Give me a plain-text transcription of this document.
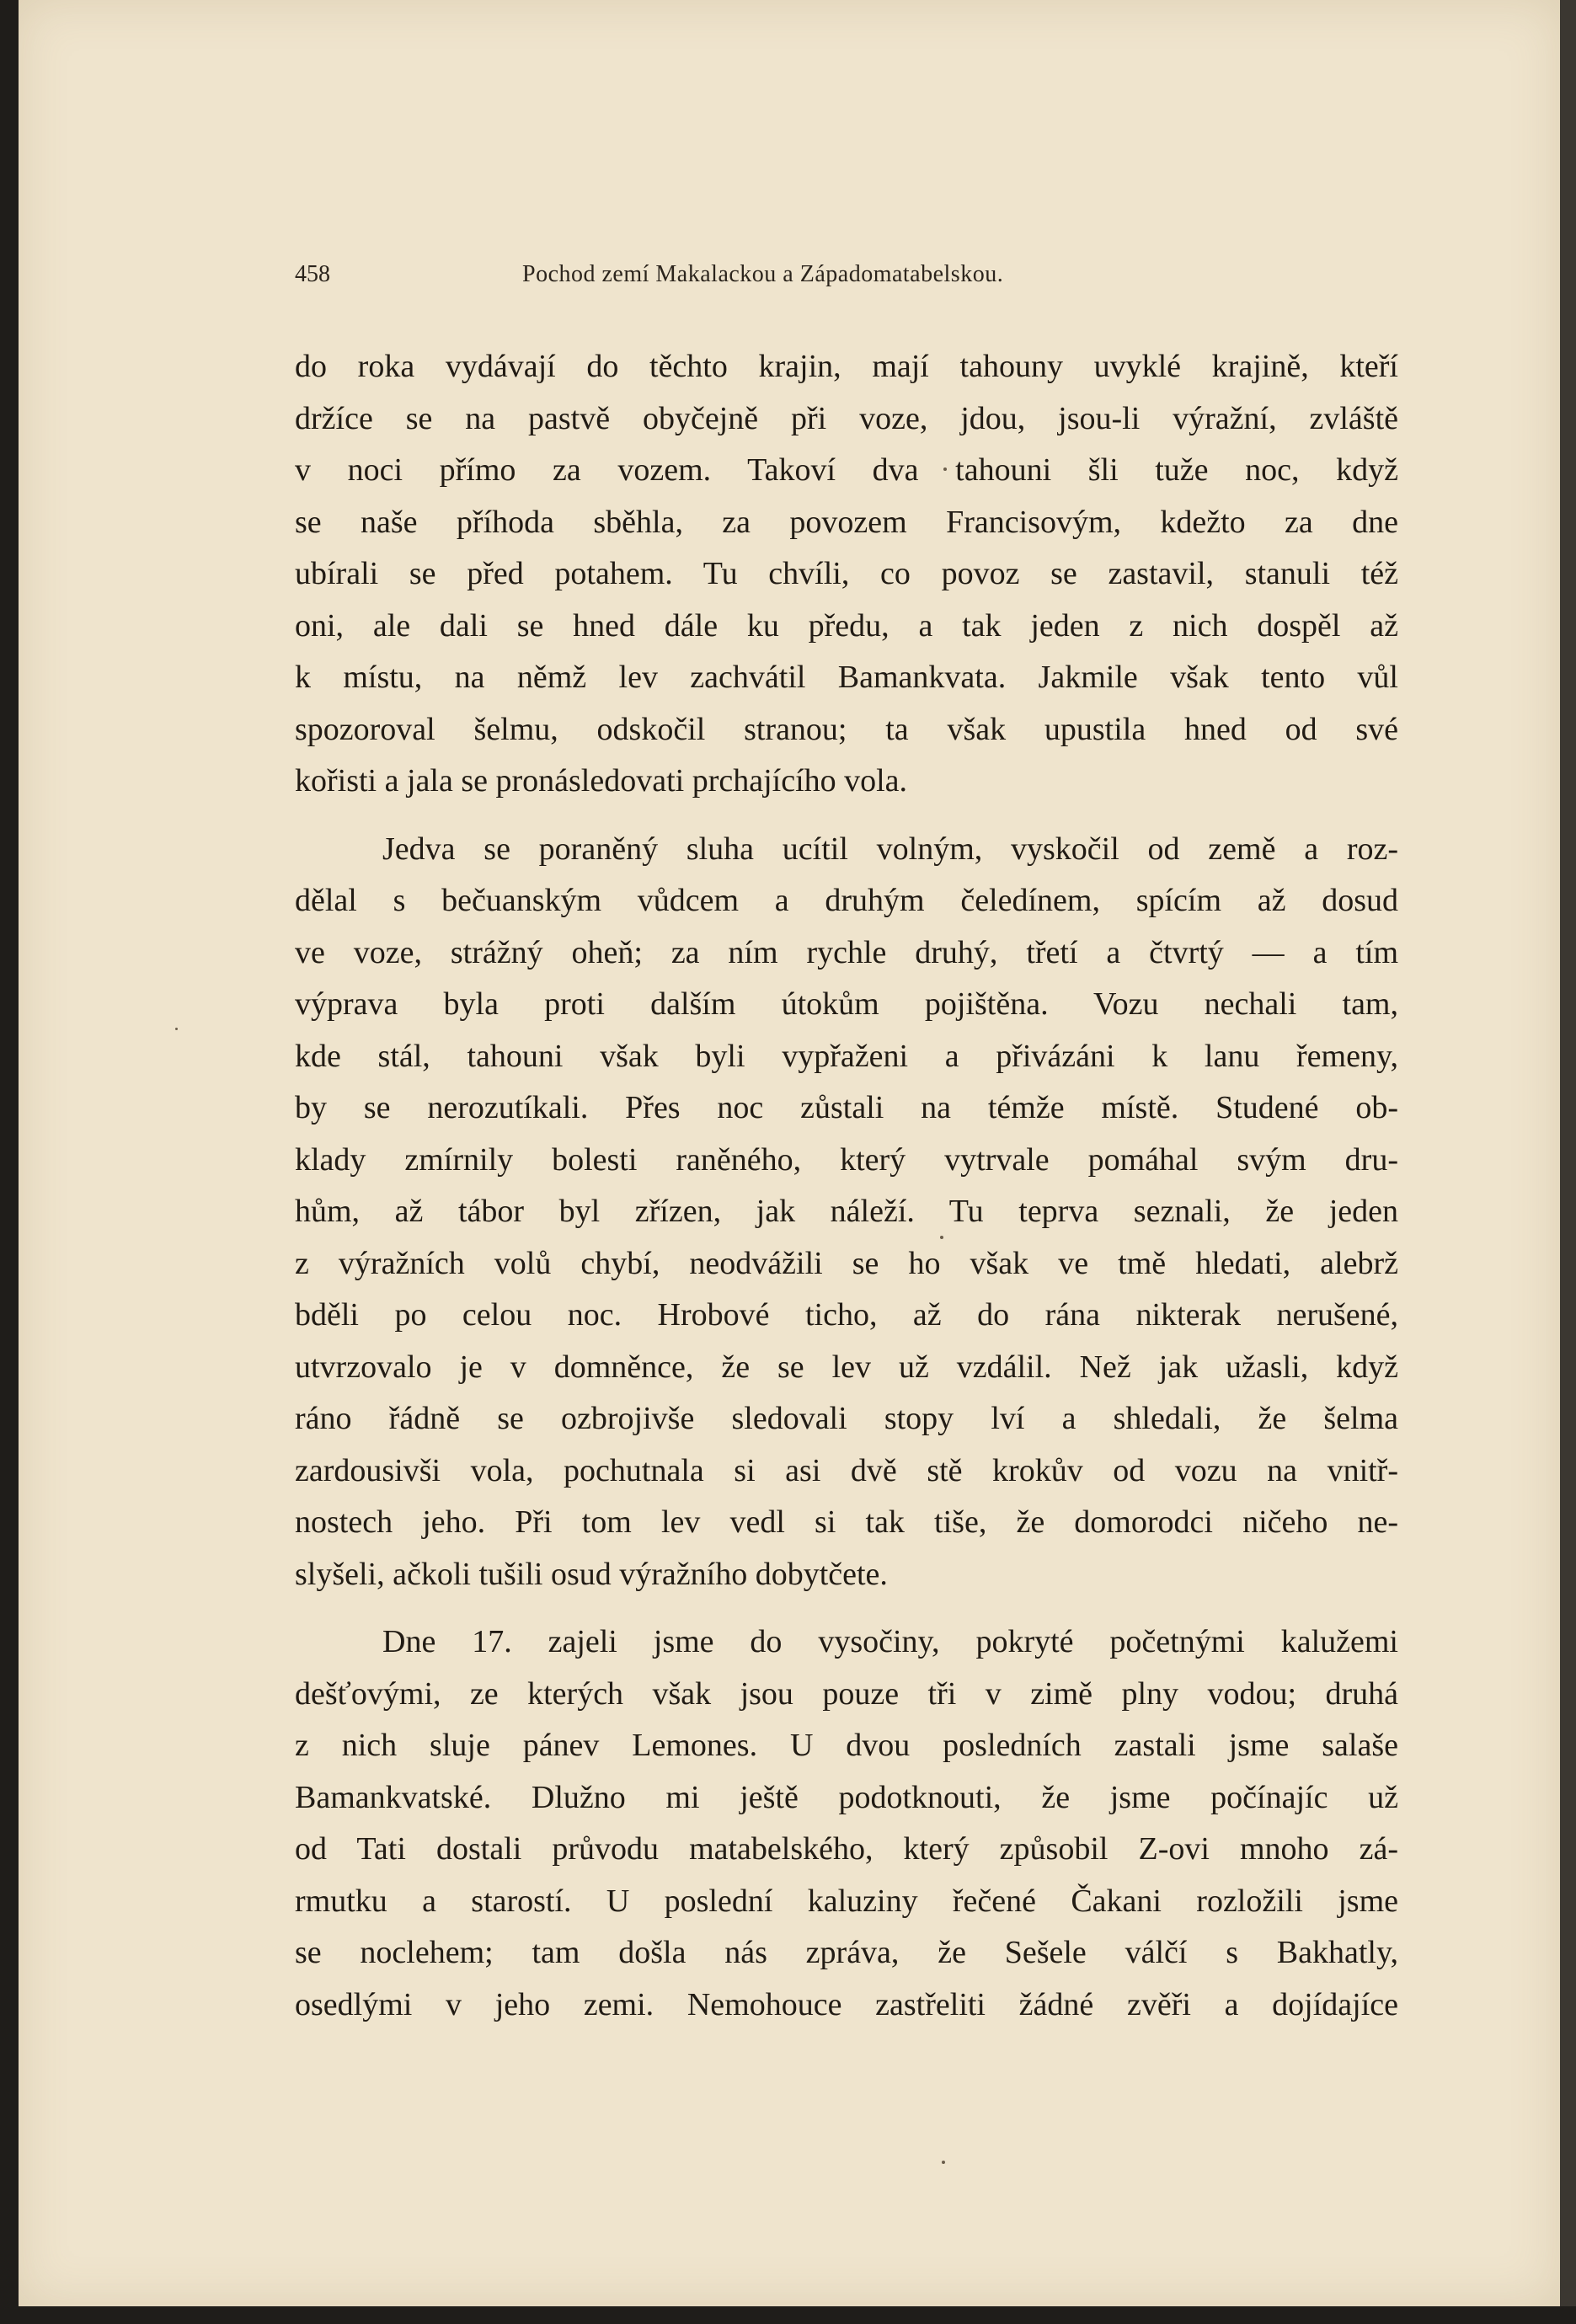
458	Pochod zemí Makalackou a Západomatabelskou.
do roka vydávají do těchto krajin, mají tahouny uvyklé krajině, kteří
držíce se na pastvě obyčejně při voze, jdou, jsou-li výražní, zvláště
v noci přímo za vozem. Takoví dva tahouni šli tuže noc, když
se naše příhoda sběhla, za povozem Francisovým, kdežto za dne
ubírali se před potahem. Tu chvíli, co povoz se zastavil, stanuli též
oni, ale dali se hned dále ku předu, a tak jeden z nich dospěl až
k místu, na němž lev zachvátil Bamankvata. Jakmile však tento vůl
spozoroval šelmu, odskočil stranou; ta však upustila hned od své
kořisti a jala se pronásledovati prchajícího vola.
Jedva se poraněný sluha ucítil volným, vyskočil od země a roz-
dělal s bečuanským vůdcem a druhým čeledínem, spícím až dosud
ve voze, strážný oheň; za ním rychle druhý, třetí a čtvrtý — a tím
výprava byla proti dalším útokům pojištěna. Vozu nechali tam,
kde stál, tahouni však byli vypřaženi a přivázáni k lanu řemeny,
by se nerozutíkali. Přes noc zůstali na témže místě. Studené ob-
klady zmírnily bolesti raněného, který vytrvale pomáhal svým dru-
hům, až tábor byl zřízen, jak náleží. Tu teprva seznali, že jeden
z výražních volů chybí, neodvážili se ho však ve tmě hledati, alebrž
bděli po celou noc. Hrobové ticho, až do rána nikterak nerušené,
utvrzovalo je v domněnce, že se lev už vzdálil. Než jak užasli, když
ráno řádně se ozbrojivše sledovali stopy lví a shledali, že šelma
zardousivši vola, pochutnala si asi dvě stě krokův od vozu na vnitř-
nostech jeho. Při tom lev vedl si tak tiše, že domorodci ničeho ne-
slyšeli, ačkoli tušili osud výražního dobytčete.
Dne 17. zajeli jsme do vysočiny, pokryté početnými kalužemi
dešťovými, ze kterých však jsou pouze tři v zimě plny vodou; druhá
z nich sluje pánev Lemones. U dvou posledních zastali jsme salaše
Bamankvatské. Dlužno mi ještě podotknouti, že jsme počínajíc už
od Tati dostali průvodu matabelského, který způsobil Z-ovi mnoho zá-
rmutku a starostí. U poslední kaluziny řečené Čakani rozložili jsme
se noclehem; tam došla nás zpráva, že Sešele válčí s Bakhatly,
osedlými v jeho zemi. Nemohouce zastřeliti žádné zvěři a dojídajíce
